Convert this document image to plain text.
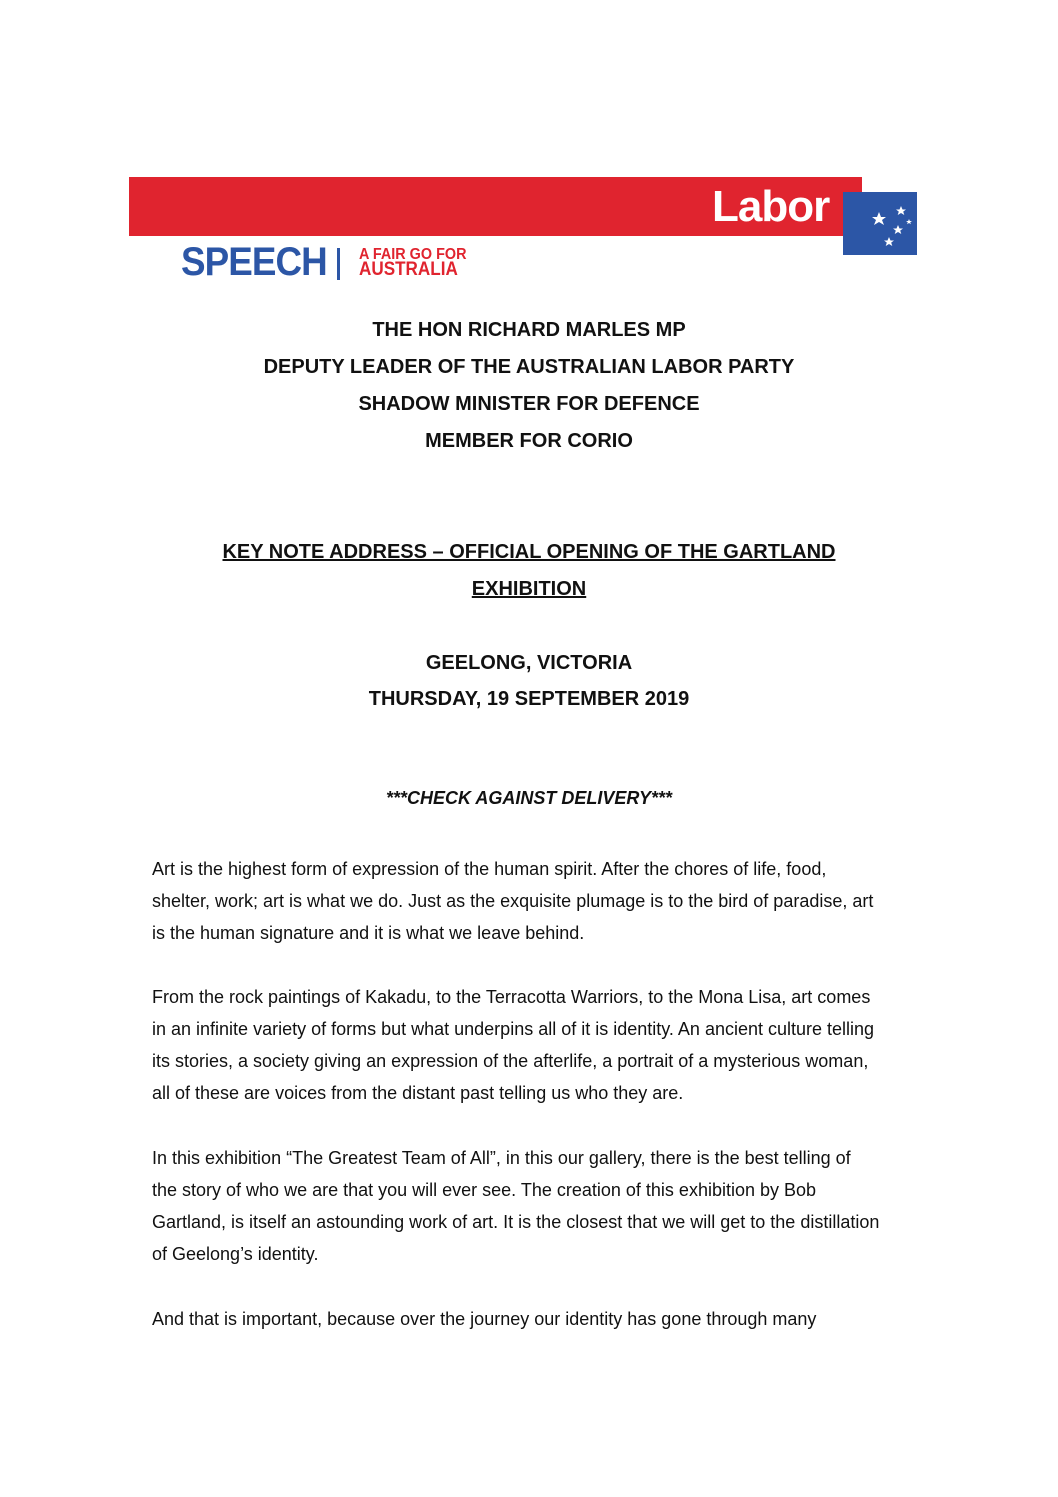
Labor
SPEECH A FAIR GO FOR
AUSTRALIA
THE HON RICHARD MARLES MP
DEPUTY LEADER OF THE AUSTRALIAN LABOR PARTY
SHADOW MINISTER FOR DEFENCE
MEMBER FOR CORIO
KEY NOTE ADDRESS – OFFICIAL OPENING OF THE GARTLAND
EXHIBITION
GEELONG, VICTORIA
THURSDAY, 19 SEPTEMBER 2019
***CHECK AGAINST DELIVERY***
Art is the highest form of expression of the human spirit. After the chores of life, food,
shelter, work; art is what we do. Just as the exquisite plumage is to the bird of paradise, art
is the human signature and it is what we leave behind.
From the rock paintings of Kakadu, to the Terracotta Warriors, to the Mona Lisa, art comes
in an infinite variety of forms but what underpins all of it is identity. An ancient culture telling
its stories, a society giving an expression of the afterlife, a portrait of a mysterious woman,
all of these are voices from the distant past telling us who they are.
In this exhibition “The Greatest Team of All”, in this our gallery, there is the best telling of
the story of who we are that you will ever see. The creation of this exhibition by Bob
Gartland, is itself an astounding work of art. It is the closest that we will get to the distillation
of Geelong’s identity.
And that is important, because over the journey our identity has gone through many
